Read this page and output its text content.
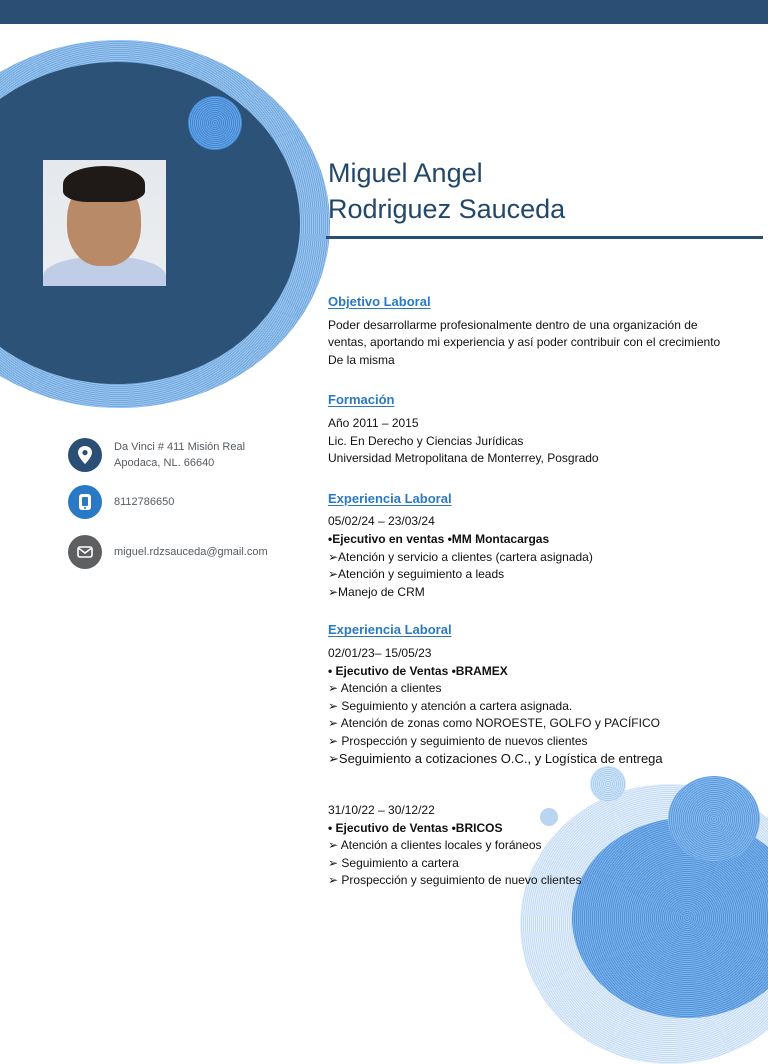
Miguel Angel
Rodriguez Sauceda
Da Vinci # 411 Misión Real
Apodaca, NL. 66640
8112786650
miguel.rdzsauceda@gmail.com
Objetivo Laboral
Poder desarrollarme profesionalmente dentro de una organización de
ventas, aportando mi experiencia y así poder contribuir con el crecimiento
De la misma
Formación
Año 2011 – 2015
Lic. En Derecho y Ciencias Jurídicas
Universidad Metropolitana de Monterrey, Posgrado
Experiencia Laboral
05/02/24 – 23/03/24
•Ejecutivo en ventas •MM Montacargas
➢Atención y servicio a clientes (cartera asignada)
➢Atención y seguimiento a leads
➢Manejo de CRM
Experiencia Laboral
02/01/23– 15/05/23
• Ejecutivo de Ventas •BRAMEX
➢ Atención a clientes
➢ Seguimiento y atención a cartera asignada.
➢ Atención de zonas como NOROESTE, GOLFO y PACÍFICO
➢ Prospección y seguimiento de nuevos clientes
➢Seguimiento a cotizaciones O.C., y Logística de entrega
31/10/22 – 30/12/22
• Ejecutivo de Ventas •BRICOS
➢ Atención a clientes locales y foráneos
➢ Seguimiento a cartera
➢ Prospección y seguimiento de nuevo clientes
